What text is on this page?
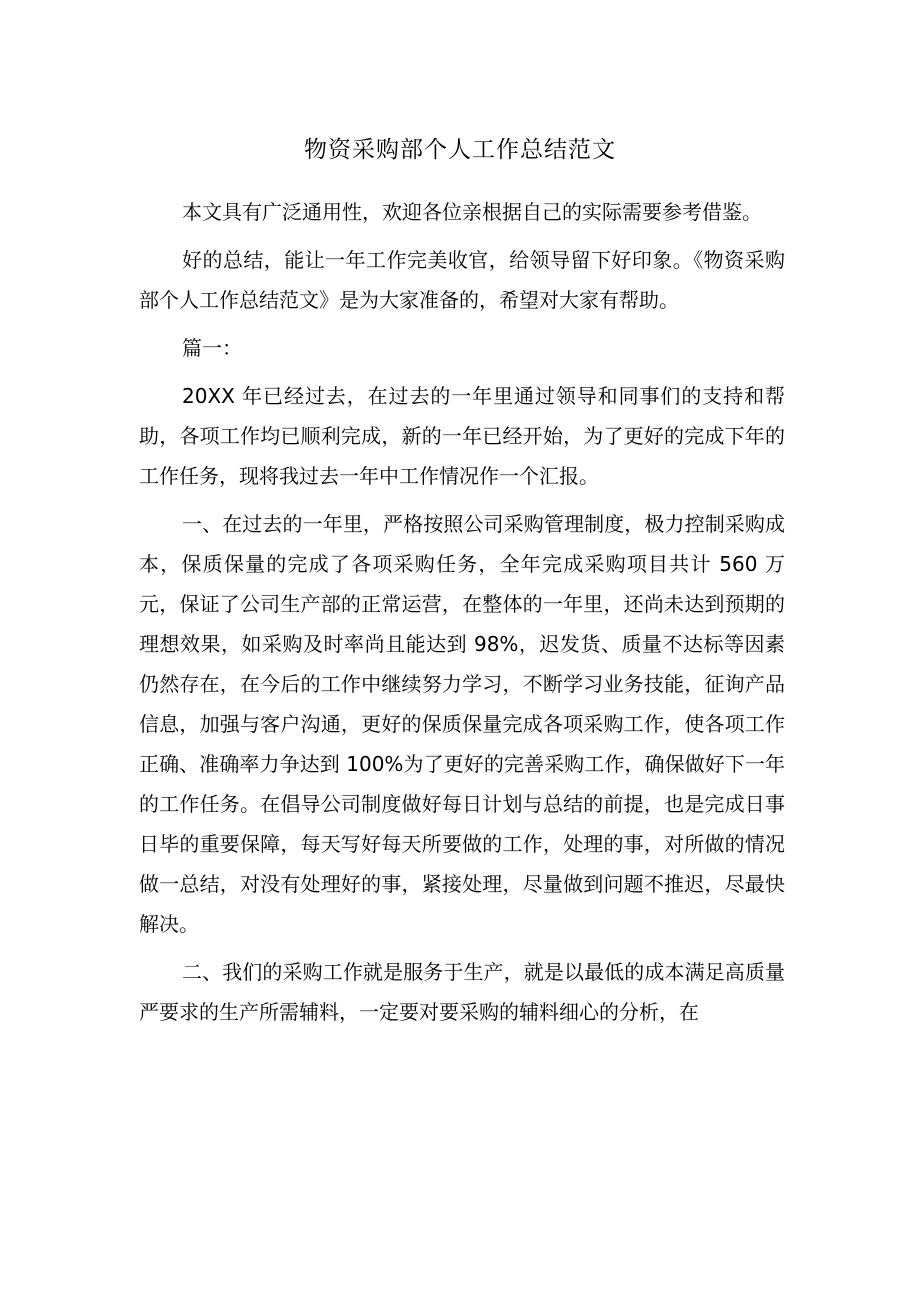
物资采购部个人工作总结范文

本文具有广泛通用性，欢迎各位亲根据自己的实际需要参考借鉴。

好的总结，能让一年工作完美收官，给领导留下好印象。《物资采购部个人工作总结范文》是为大家准备的，希望对大家有帮助。

篇一：

20XX 年已经过去，在过去的一年里通过领导和同事们的支持和帮助，各项工作均已顺利完成，新的一年已经开始，为了更好的完成下年的工作任务，现将我过去一年中工作情况作一个汇报。

一、在过去的一年里，严格按照公司采购管理制度，极力控制采购成本，保质保量的完成了各项采购任务，全年完成采购项目共计 560 万元，保证了公司生产部的正常运营，在整体的一年里，还尚未达到预期的理想效果，如采购及时率尚且能达到 98%，迟发货、质量不达标等因素仍然存在，在今后的工作中继续努力学习，不断学习业务技能，征询产品信息，加强与客户沟通，更好的保质保量完成各项采购工作，使各项工作正确、准确率力争达到 100%为了更好的完善采购工作，确保做好下一年的工作任务。在倡导公司制度做好每日计划与总结的前提，也是完成日事日毕的重要保障，每天写好每天所要做的工作，处理的事，对所做的情况做一总结，对没有处理好的事，紧接处理，尽量做到问题不推迟，尽最快解决。

二、我们的采购工作就是服务于生产，就是以最低的成本满足高质量严要求的生产所需辅料，一定要对要采购的辅料细心的分析，在
